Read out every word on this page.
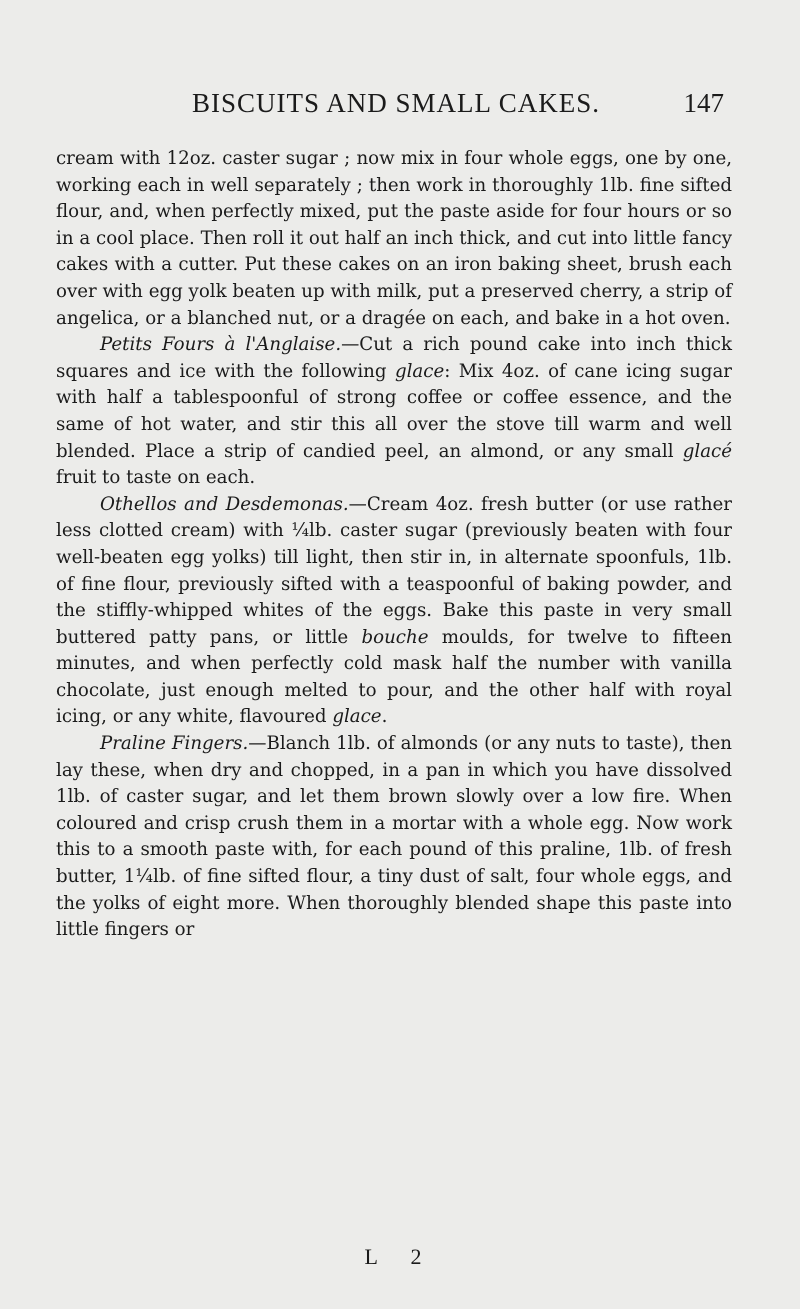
BISCUITS AND SMALL CAKES.	147

cream with 12oz. caster sugar ; now mix in four whole eggs, one by one, working each in well separately ; then work in thoroughly 1lb. fine sifted flour, and, when perfectly mixed, put the paste aside for four hours or so in a cool place. Then roll it out half an inch thick, and cut into little fancy cakes with a cutter. Put these cakes on an iron baking sheet, brush each over with egg yolk beaten up with milk, put a preserved cherry, a strip of angelica, or a blanched nut, or a dragée on each, and bake in a hot oven.

Petits Fours à l'Anglaise.—Cut a rich pound cake into inch thick squares and ice with the following glace: Mix 4oz. of cane icing sugar with half a tablespoonful of strong coffee or coffee essence, and the same of hot water, and stir this all over the stove till warm and well blended. Place a strip of candied peel, an almond, or any small glacé fruit to taste on each.

Othellos and Desdemonas.—Cream 4oz. fresh butter (or use rather less clotted cream) with ¼lb. caster sugar (previously beaten with four well-beaten egg yolks) till light, then stir in, in alternate spoonfuls, 1lb. of fine flour, previously sifted with a teaspoonful of baking powder, and the stiffly-whipped whites of the eggs. Bake this paste in very small buttered patty pans, or little bouche moulds, for twelve to fifteen minutes, and when perfectly cold mask half the number with vanilla chocolate, just enough melted to pour, and the other half with royal icing, or any white, flavoured glace.

Praline Fingers.—Blanch 1lb. of almonds (or any nuts to taste), then lay these, when dry and chopped, in a pan in which you have dissolved 1lb. of caster sugar, and let them brown slowly over a low fire. When coloured and crisp crush them in a mortar with a whole egg. Now work this to a smooth paste with, for each pound of this praline, 1lb. of fresh butter, 1¼lb. of fine sifted flour, a tiny dust of salt, four whole eggs, and the yolks of eight more. When thoroughly blended shape this paste into little fingers or

L 2
